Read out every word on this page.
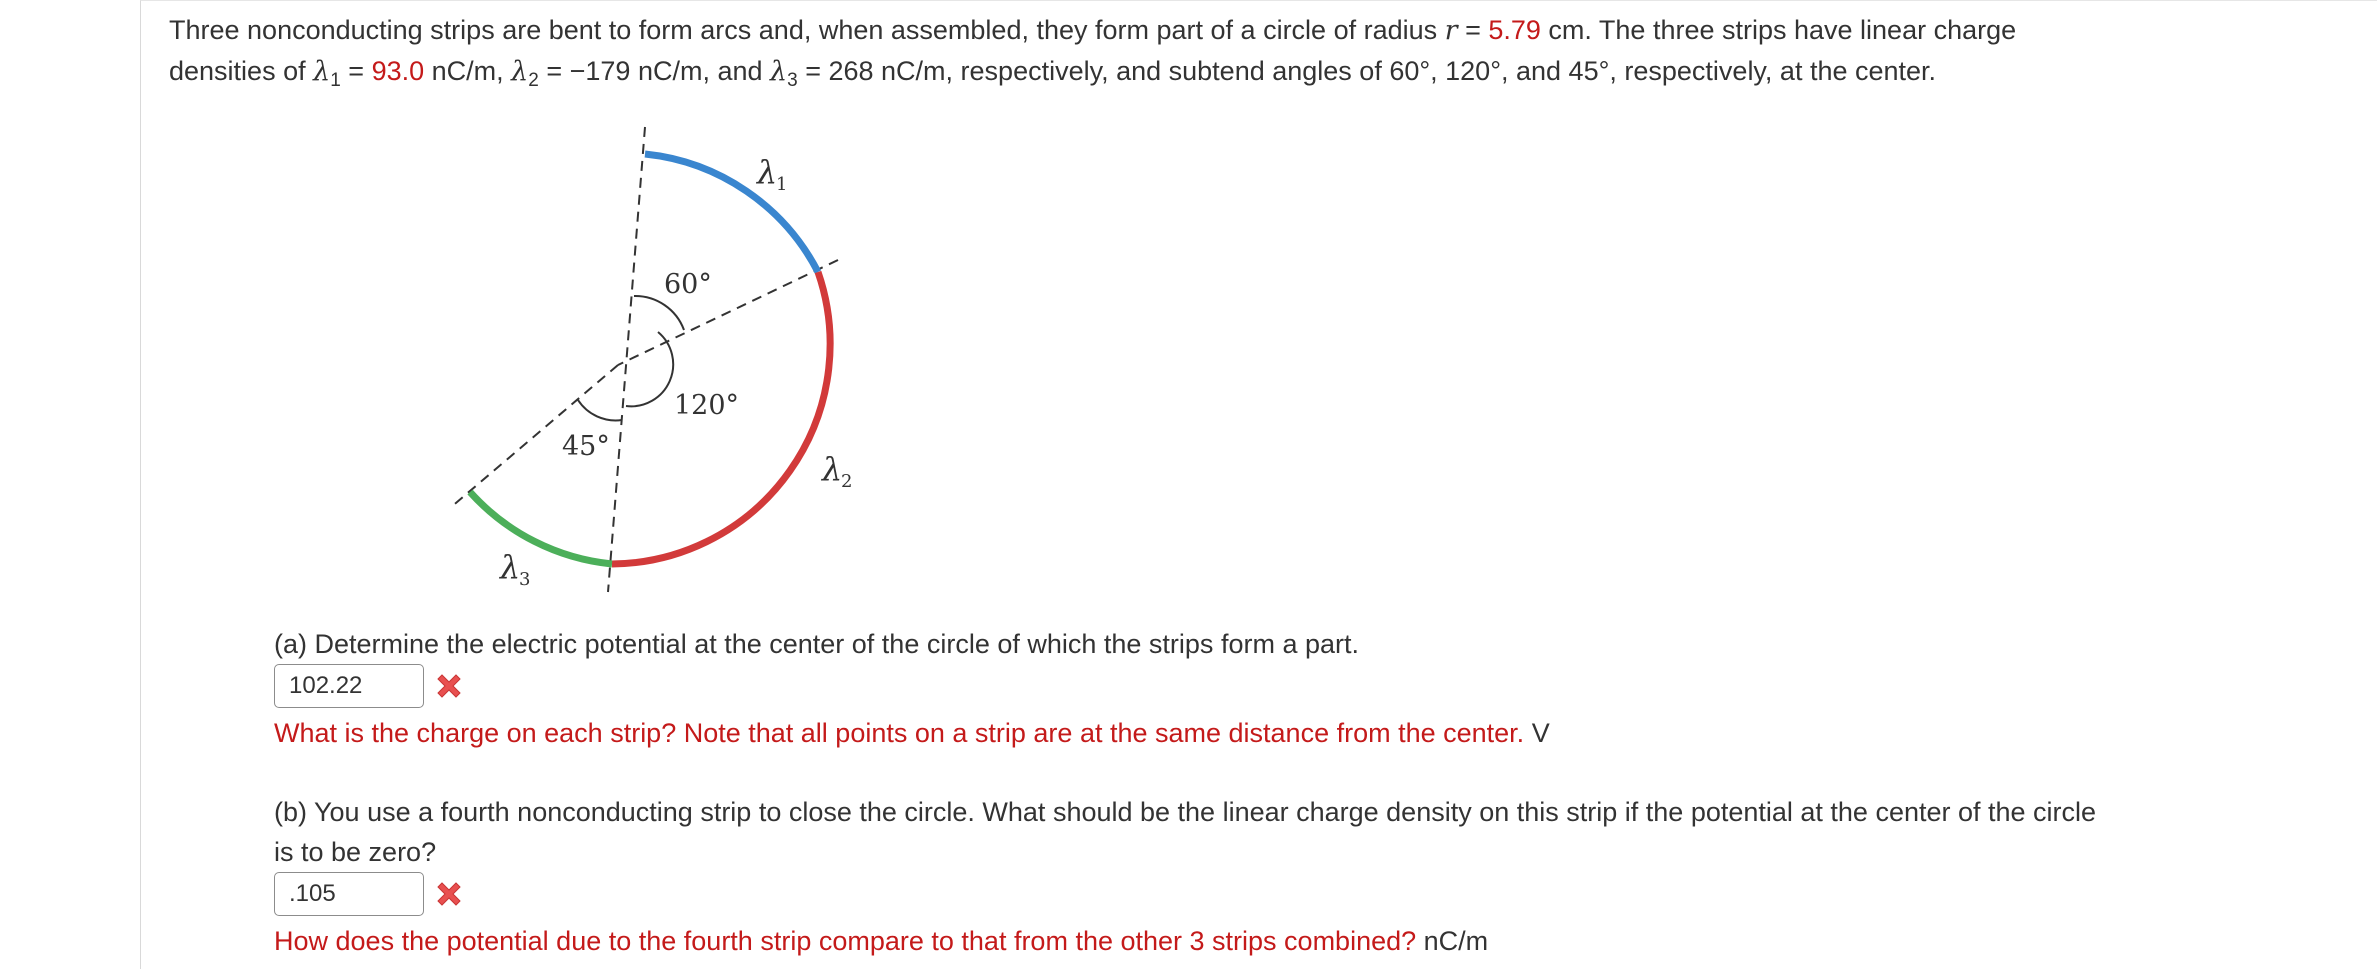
Three nonconducting strips are bent to form arcs and, when assembled, they form part of a circle of radius r = 5.79 cm. The three strips have linear charge
densities of $\lambda_1 = 93.0$ nC/m, $\lambda_2 = -179$ nC/m, and $\lambda_3 = 268$ nC/m, respectively, and subtend angles of 60°, 120°, and 45°, respectively, at the center.
60°
120°
45°
λ
1
λ
2
λ
3
(a) Determine the electric potential at the center of the circle of which the strips form a part.
102.22
What is the charge on each strip? Note that all points on a strip are at the same distance from the center. V
(b) You use a fourth nonconducting strip to close the circle. What should be the linear charge density on this strip if the potential at the center of the circle
is to be zero?
.105
How does the potential due to the fourth strip compare to that from the other 3 strips combined? nC/m
